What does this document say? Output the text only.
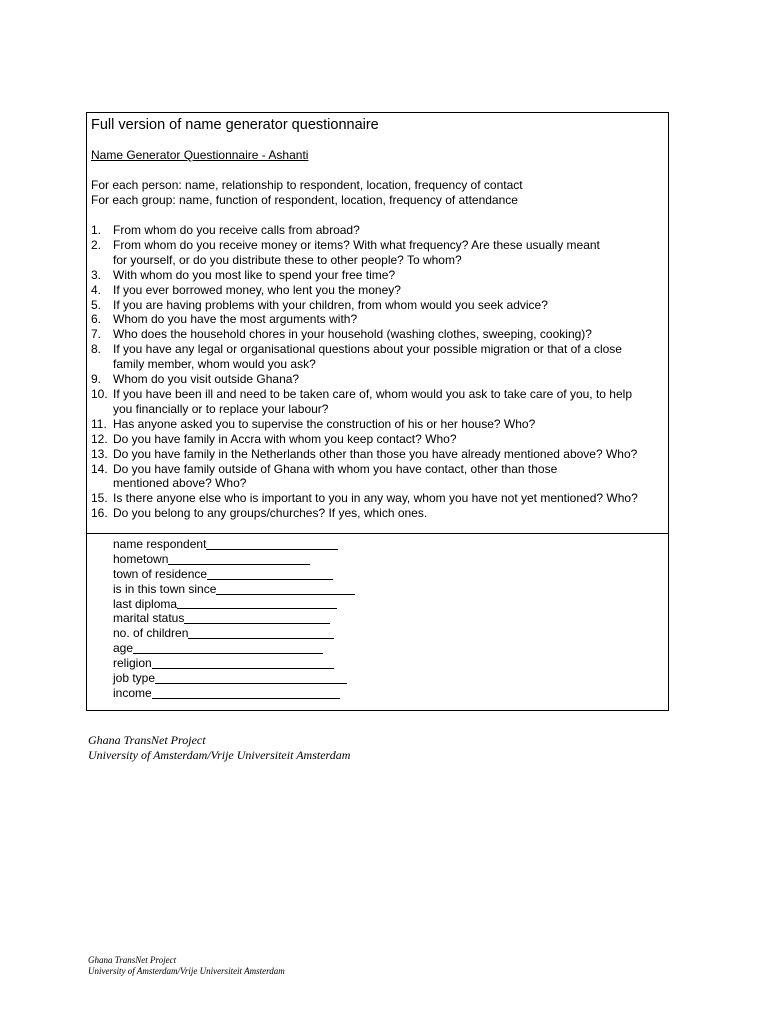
Full version of name generator questionnaire
Name Generator Questionnaire - Ashanti
For each person: name, relationship to respondent, location, frequency of contact
For each group: name, function of respondent, location, frequency of attendance
1. From whom do you receive calls from abroad?
2. From whom do you receive money or items? With what frequency? Are these usually meant
for yourself, or do you distribute these to other people? To whom?
3. With whom do you most like to spend your free time?
4. If you ever borrowed money, who lent you the money?
5. If you are having problems with your children, from whom would you seek advice?
6. Whom do you have the most arguments with?
7. Who does the household chores in your household (washing clothes, sweeping, cooking)?
8. If you have any legal or organisational questions about your possible migration or that of a close
family member, whom would you ask?
9. Whom do you visit outside Ghana?
10. If you have been ill and need to be taken care of, whom would you ask to take care of you, to help
you financially or to replace your labour?
11. Has anyone asked you to supervise the construction of his or her house? Who?
12. Do you have family in Accra with whom you keep contact? Who?
13. Do you have family in the Netherlands other than those you have already mentioned above? Who?
14. Do you have family outside of Ghana with whom you have contact, other than those
mentioned above? Who?
15. Is there anyone else who is important to you in any way, whom you have not yet mentioned? Who?
16. Do you belong to any groups/churches? If yes, which ones.
name respondent
hometown
town of residence
is in this town since
last diploma
marital status
no. of children
age
religion
job type
income
Ghana TransNet Project
University of Amsterdam/Vrije Universiteit Amsterdam
Ghana TransNet Project
University of Amsterdam/Vrije Universiteit Amsterdam
